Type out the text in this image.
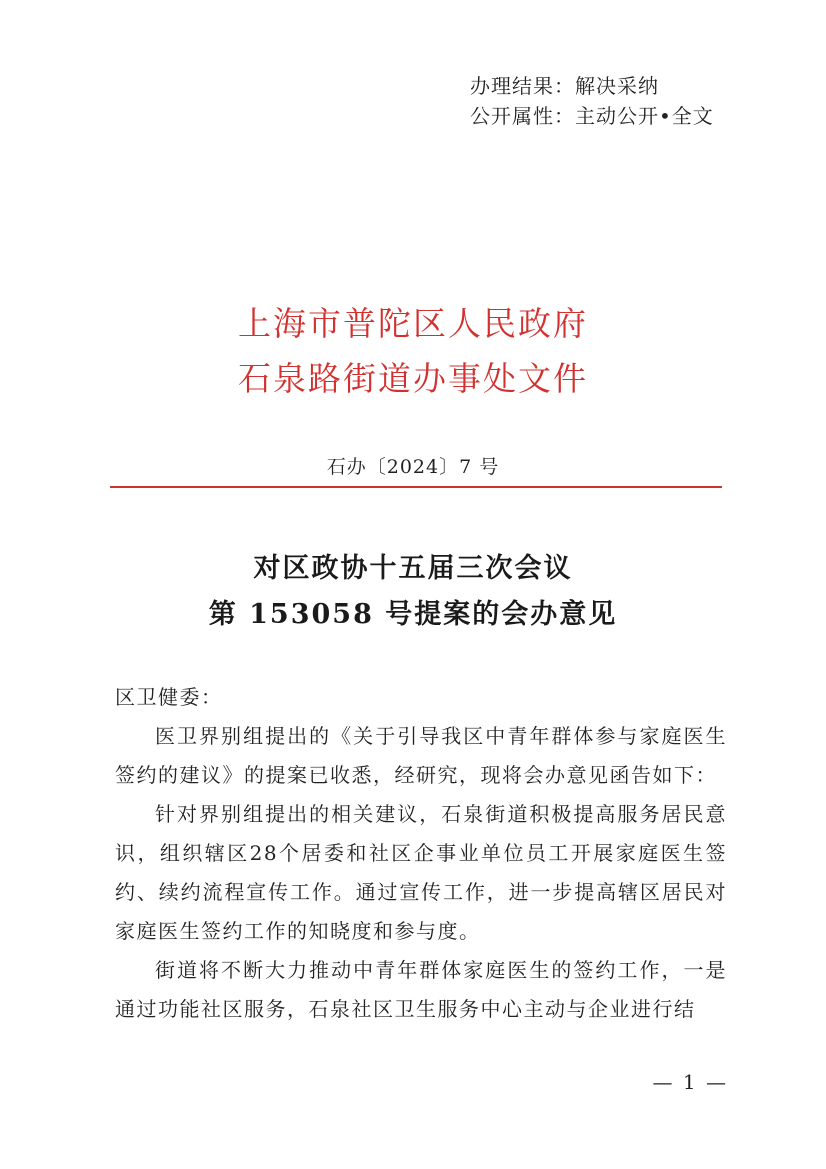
办理结果：解决采纳
公开属性：主动公开•全文
上海市普陀区人民政府
石泉路街道办事处文件
石办〔2024〕7 号
对区政协十五届三次会议
第 153058 号提案的会办意见

区卫健委：

医卫界别组提出的《关于引导我区中青年群体参与家庭医生签约的建议》的提案已收悉，经研究，现将会办意见函告如下：

针对界别组提出的相关建议，石泉街道积极提高服务居民意识，组织辖区28个居委和社区企事业单位员工开展家庭医生签约、续约流程宣传工作。通过宣传工作，进一步提高辖区居民对家庭医生签约工作的知晓度和参与度。

街道将不断大力推动中青年群体家庭医生的签约工作，一是通过功能社区服务，石泉社区卫生服务中心主动与企业进行结

— 1 —
